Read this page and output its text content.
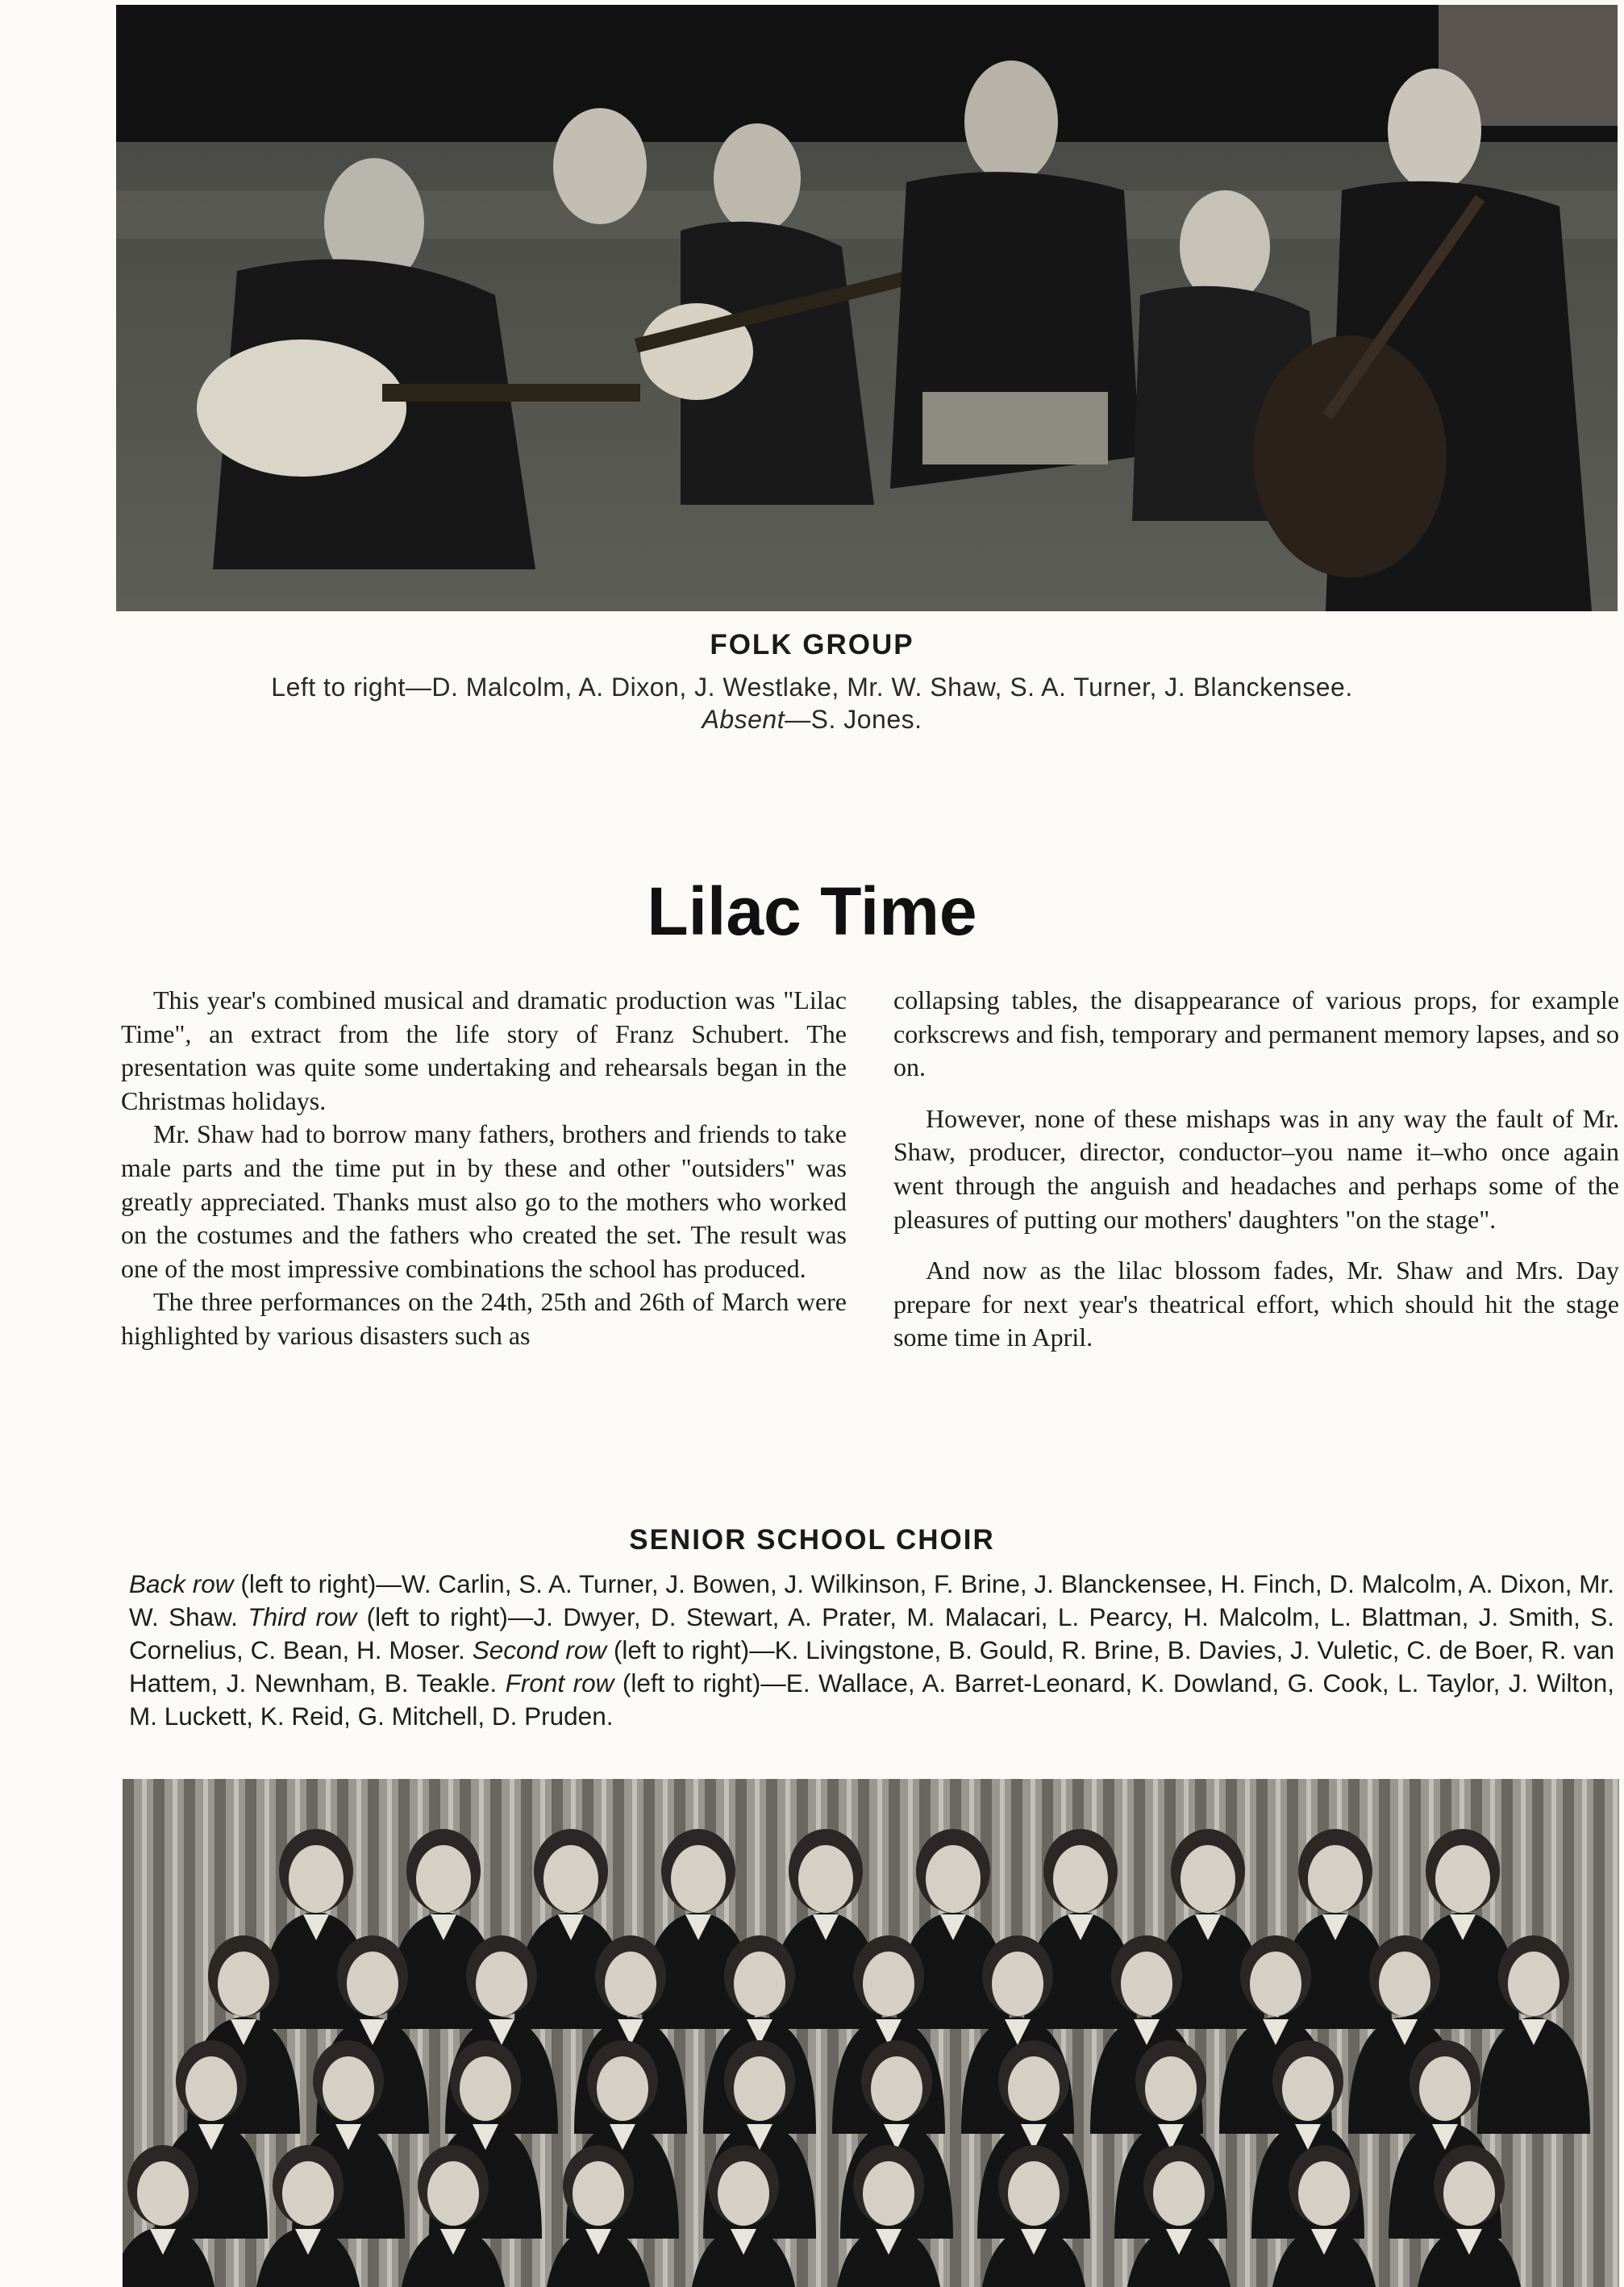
FOLK GROUP
Left to right—D. Malcolm, A. Dixon, J. Westlake, Mr. W. Shaw, S. A. Turner, J. Blanckensee.
Absent—S. Jones.
Lilac Time

This year's combined musical and dramatic production was "Lilac Time", an extract from the life story of Franz Schubert. The presentation was quite some undertaking and rehearsals began in the Christmas holidays.

Mr. Shaw had to borrow many fathers, brothers and friends to take male parts and the time put in by these and other "outsiders" was greatly appreciated. Thanks must also go to the mothers who worked on the costumes and the fathers who created the set. The result was one of the most impressive combinations the school has produced.

The three performances on the 24th, 25th and 26th of March were highlighted by various disasters such as

collapsing tables, the disappearance of various props, for example corkscrews and fish, temporary and permanent memory lapses, and so on.

However, none of these mishaps was in any way the fault of Mr. Shaw, producer, director, conductor–you name it–who once again went through the anguish and headaches and perhaps some of the pleasures of putting our mothers' daughters "on the stage".

And now as the lilac blossom fades, Mr. Shaw and Mrs. Day prepare for next year's theatrical effort, which should hit the stage some time in April.

SENIOR SCHOOL CHOIR
Back row (left to right)—W. Carlin, S. A. Turner, J. Bowen, J. Wilkinson, F. Brine, J. Blanckensee, H. Finch, D. Malcolm, A. Dixon, Mr. W. Shaw. Third row (left to right)—J. Dwyer, D. Stewart, A. Prater, M. Malacari, L. Pearcy, H. Malcolm, L. Blattman, J. Smith, S. Cornelius, C. Bean, H. Moser. Second row (left to right)—K. Livingstone, B. Gould, R. Brine, B. Davies, J. Vuletic, C. de Boer, R. van Hattem, J. Newnham, B. Teakle. Front row (left to right)—E. Wallace, A. Barret-Leonard, K. Dowland, G. Cook, L. Taylor, J. Wilton, M. Luckett, K. Reid, G. Mitchell, D. Pruden.
